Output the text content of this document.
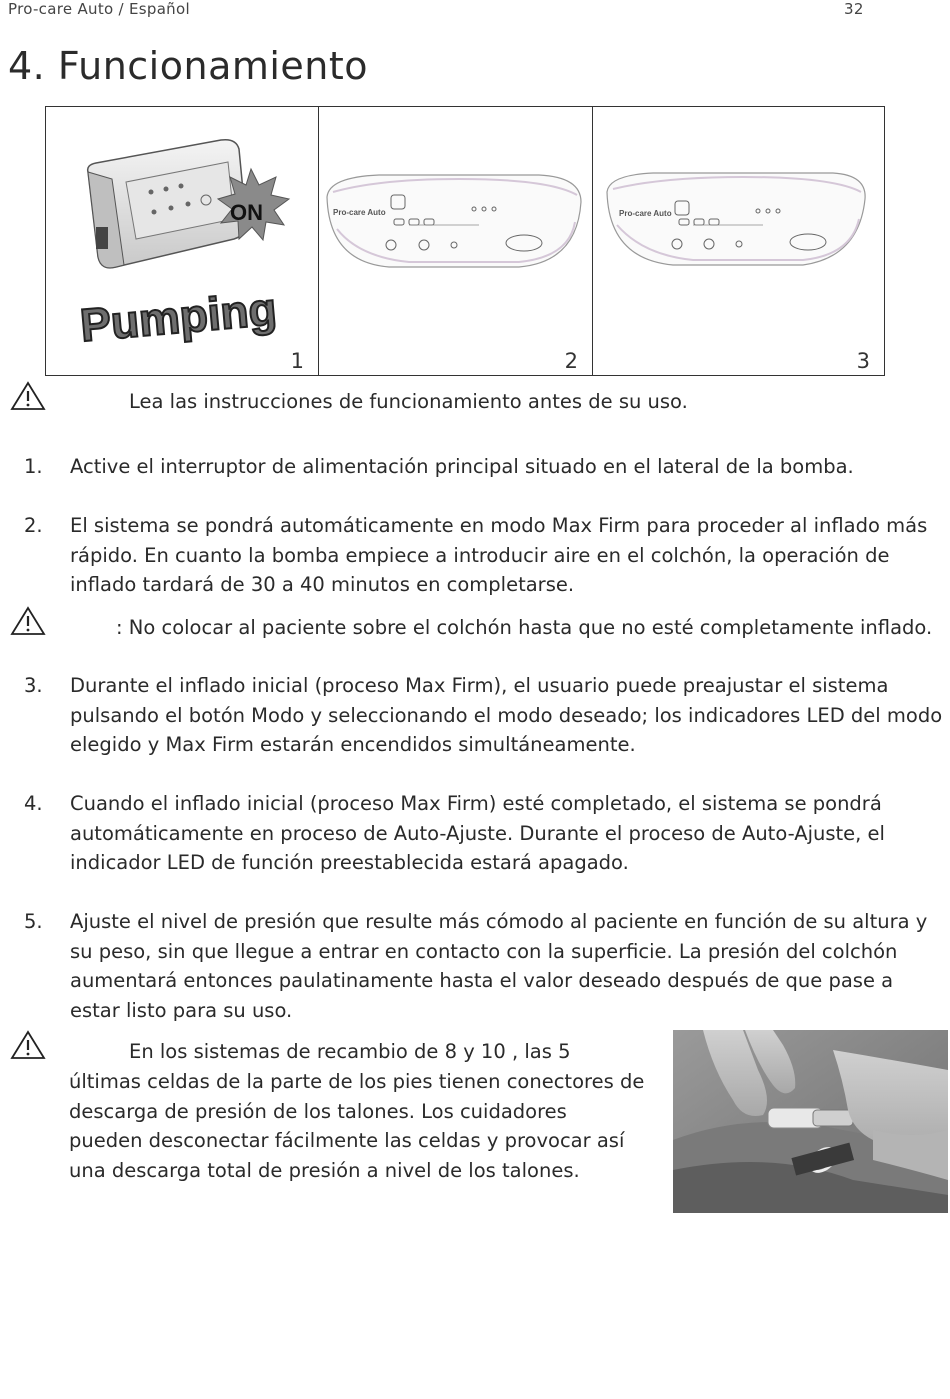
Pro-care Auto / Español	32
4. Funcionamiento
ON
Pumping
1
Pro-care Auto
2
Pro-care Auto
3
Lea las instrucciones de funcionamiento antes de su uso.
1. Active el interruptor de alimentación principal situado en el lateral de la bomba.
2. El sistema se pondrá automáticamente en modo Max Firm para proceder al inflado más
rápido. En cuanto la bomba empiece a introducir aire en el colchón, la operación de
inflado tardará de 30 a 40 minutos en completarse.
: No colocar al paciente sobre el colchón hasta que no esté completamente inflado.
3. Durante el inflado inicial (proceso Max Firm), el usuario puede preajustar el sistema
pulsando el botón Modo y seleccionando el modo deseado; los indicadores LED del modo
elegido y Max Firm estarán encendidos simultáneamente.
4. Cuando el inflado inicial (proceso Max Firm) esté completado, el sistema se pondrá
automáticamente en proceso de Auto-Ajuste. Durante el proceso de Auto-Ajuste, el
indicador LED de función preestablecida estará apagado.
5. Ajuste el nivel de presión que resulte más cómodo al paciente en función de su altura y
su peso, sin que llegue a entrar en contacto con la superficie. La presión del colchón
aumentará entonces paulatinamente hasta el valor deseado después de que pase a
estar listo para su uso.
En los sistemas de recambio de 8 y 10 , las 5
últimas celdas de la parte de los pies tienen conectores de
descarga de presión de los talones. Los cuidadores
pueden desconectar fácilmente las celdas y provocar así
una descarga total de presión a nivel de los talones.
